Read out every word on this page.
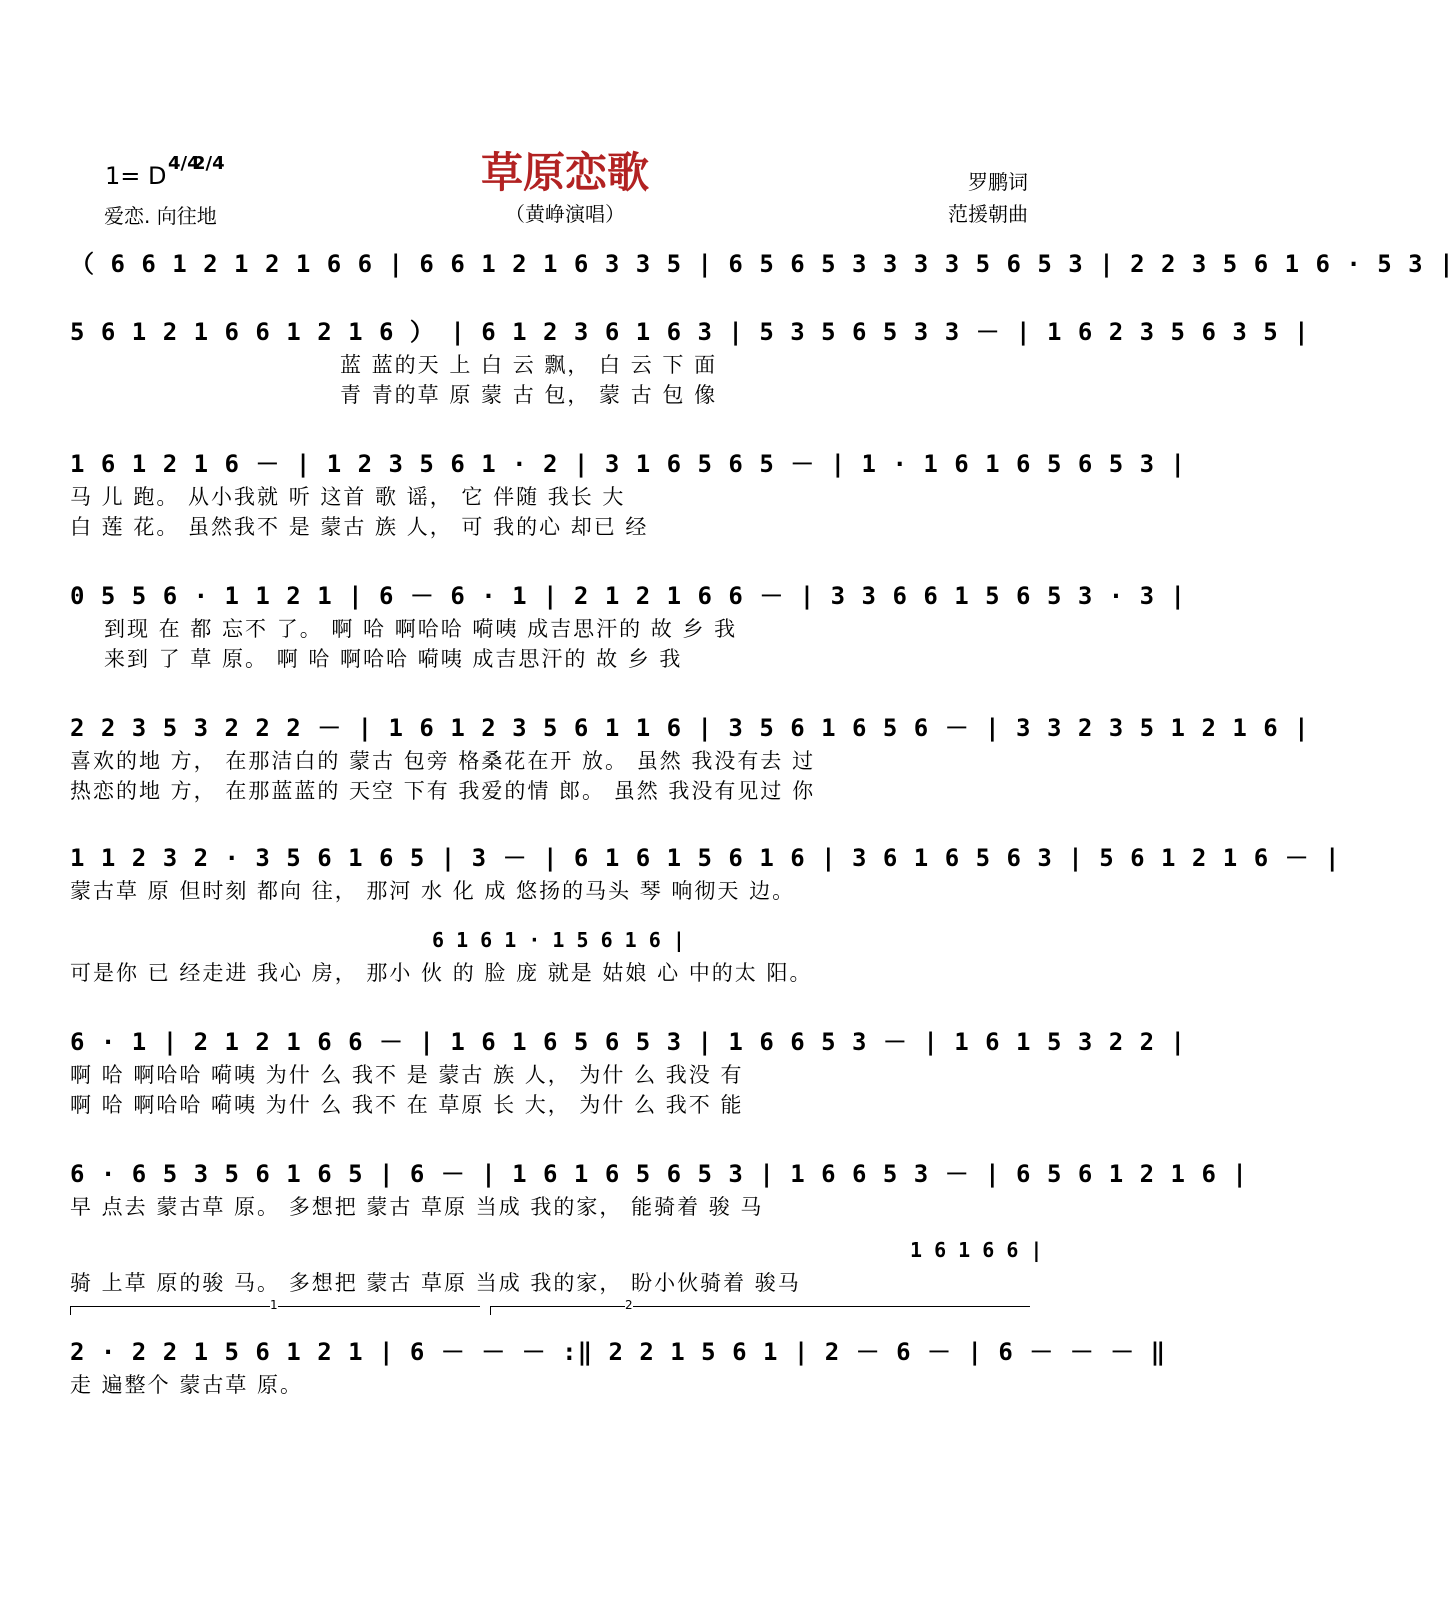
1= D 4/4
2/4
爱恋. 向往地
草原恋歌
（黄峥演唱）
罗鹏词
范援朝曲
（ 6 6 1 2 1 2 1 6 6 | 6 6 1 2 1 6 3 3 5 | 6 5 6 5 3 3 3 3 5 6 5 3 | 2 2 3 5 6 1 6 · 5 3 |
5 6 1 2 1 6 6 1 2 1 6 ） | 6 1 2 3 6 1 6 3 | 5 3 5 6 5 3 3 － | 1 6 2 3 5 6 3 5 |
蓝 蓝的天 上 白 云 飘， 白 云 下 面
青 青的草 原 蒙 古 包， 蒙 古 包 像
1 6 1 2 1 6 － | 1 2 3 5 6 1 · 2 | 3 1 6 5 6 5 － | 1 · 1 6 1 6 5 6 5 3 |
马 儿 跑。 从小我就 听 这首 歌 谣， 它 伴随 我长 大
白 莲 花。 虽然我不 是 蒙古 族 人， 可 我的心 却已 经
0 5 5 6 · 1 1 2 1 | 6 － 6 · 1 | 2 1 2 1 6 6 － | 3 3 6 6 1 5 6 5 3 · 3 |
到现 在 都 忘不 了。 啊 哈 啊哈哈 嗬咦 成吉思汗的 故 乡 我
来到 了 草 原。 啊 哈 啊哈哈 嗬咦 成吉思汗的 故 乡 我
2 2 3 5 3 2 2 2 － | 1 6 1 2 3 5 6 1 1 6 | 3 5 6 1 6 5 6 － | 3 3 2 3 5 1 2 1 6 |
喜欢的地 方， 在那洁白的 蒙古 包旁 格桑花在开 放。 虽然 我没有去 过
热恋的地 方， 在那蓝蓝的 天空 下有 我爱的情 郎。 虽然 我没有见过 你
1 1 2 3 2 · 3 5 6 1 6 5 | 3 － | 6 1 6 1 5 6 1 6 | 3 6 1 6 5 6 3 | 5 6 1 2 1 6 － |
蒙古草 原 但时刻 都向 往， 那河 水 化 成 悠扬的马头 琴 响彻天 边。
6 1 6 1 · 1 5 6 1 6 |
可是你 已 经走进 我心 房， 那小 伙 的 脸 庞 就是 姑娘 心 中的太 阳。
6 · 1 | 2 1 2 1 6 6 － | 1 6 1 6 5 6 5 3 | 1 6 6 5 3 － | 1 6 1 5 3 2 2 |
啊 哈 啊哈哈 嗬咦 为什 么 我不 是 蒙古 族 人， 为什 么 我没 有
啊 哈 啊哈哈 嗬咦 为什 么 我不 在 草原 长 大， 为什 么 我不 能
6 · 6 5 3 5 6 1 6 5 | 6 － | 1 6 1 6 5 6 5 3 | 1 6 6 5 3 － | 6 5 6 1 2 1 6 |
早 点去 蒙古草 原。 多想把 蒙古 草原 当成 我的家， 能骑着 骏 马
1 6 1 6 6 |
骑 上草 原的骏 马。 多想把 蒙古 草原 当成 我的家， 盼小伙骑着 骏马
1	2
2 · 2 2 1 5 6 1 2 1 | 6 － － － :‖ 2 2 1 5 6 1 | 2 － 6 － | 6 － － － ‖
走 遍整个 蒙古草 原。
